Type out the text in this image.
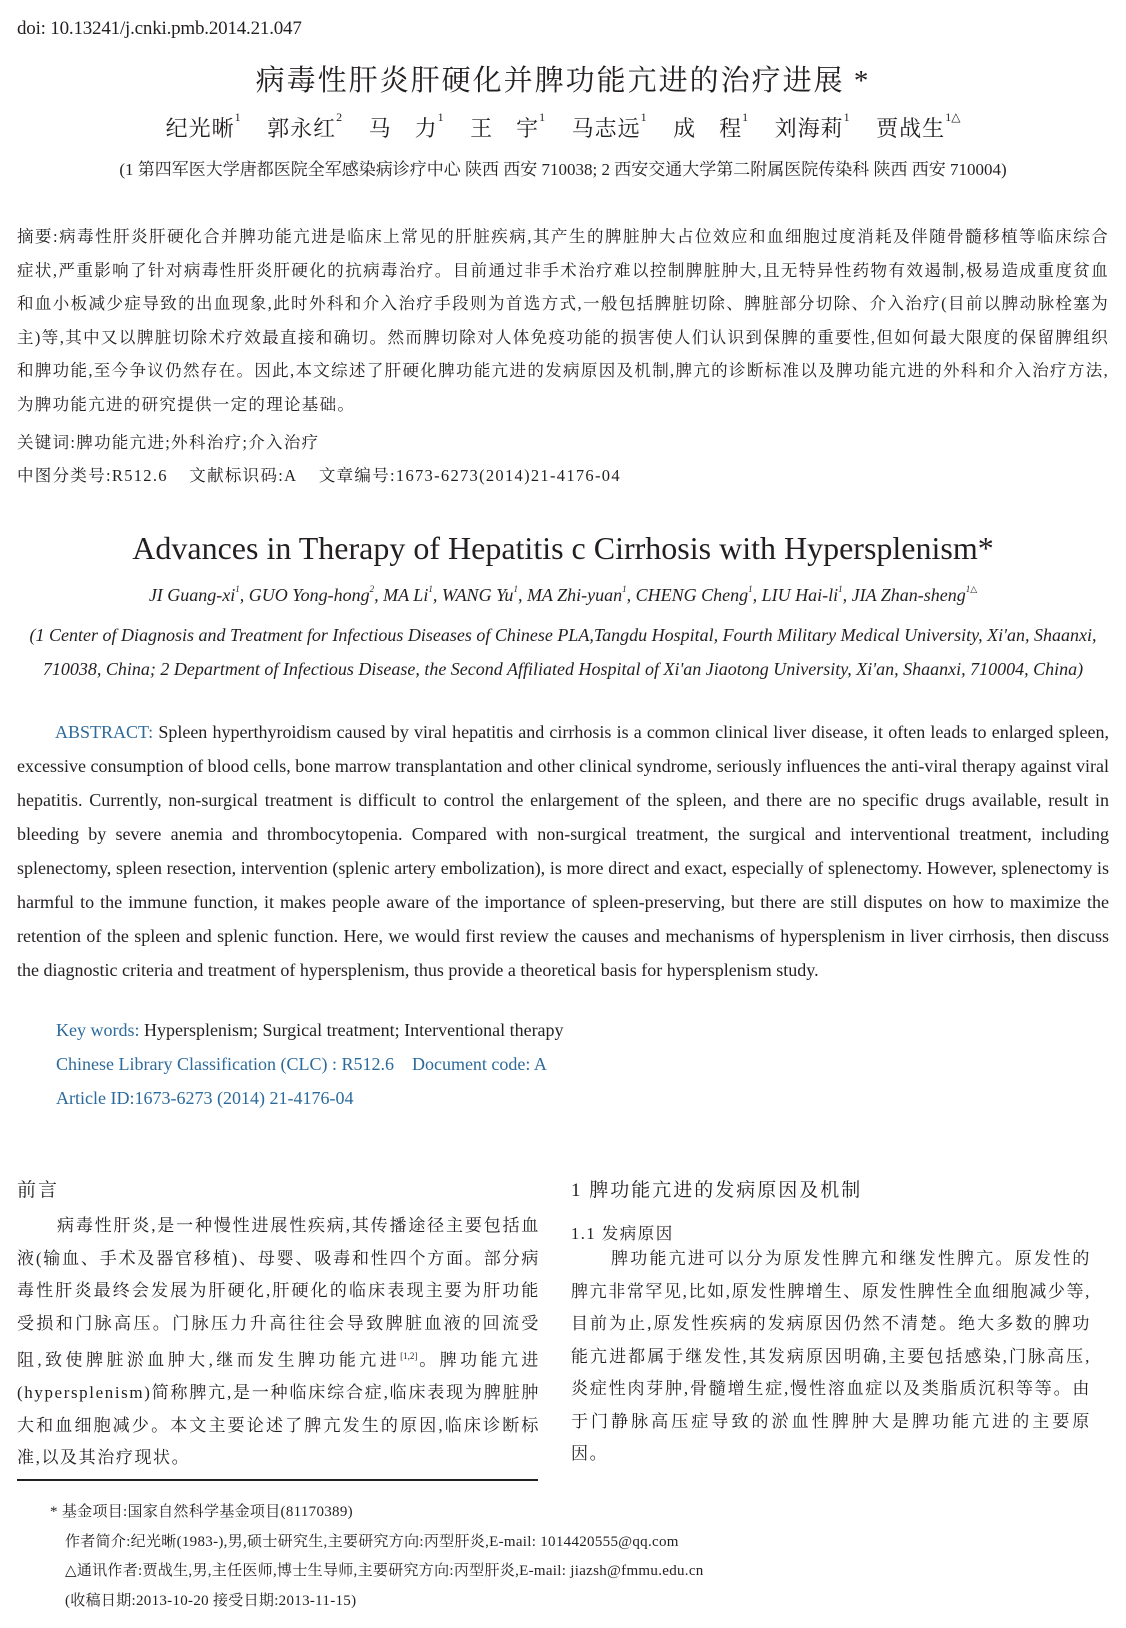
doi: 10.13241/j.cnki.pmb.2014.21.047
病毒性肝炎肝硬化并脾功能亢进的治疗进展 *
纪光晰$^1$ 郭永红$^2$ 马　力$^1$ 王　宇$^1$ 马志远$^1$ 成　程$^1$ 刘海莉$^1$ 贾战生$^{1\triangle}$
(1 第四军医大学唐都医院全军感染病诊疗中心 陕西 西安 710038; 2 西安交通大学第二附属医院传染科 陕西 西安 710004)
摘要:病毒性肝炎肝硬化合并脾功能亢进是临床上常见的肝脏疾病,其产生的脾脏肿大占位效应和血细胞过度消耗及伴随骨髓移植等临床综合症状,严重影响了针对病毒性肝炎肝硬化的抗病毒治疗。目前通过非手术治疗难以控制脾脏肿大,且无特异性药物有效遏制,极易造成重度贫血和血小板减少症导致的出血现象,此时外科和介入治疗手段则为首选方式,一般包括脾脏切除、脾脏部分切除、介入治疗(目前以脾动脉栓塞为主)等,其中又以脾脏切除术疗效最直接和确切。然而脾切除对人体免疫功能的损害使人们认识到保脾的重要性,但如何最大限度的保留脾组织和脾功能,至今争议仍然存在。因此,本文综述了肝硬化脾功能亢进的发病原因及机制,脾亢的诊断标准以及脾功能亢进的外科和介入治疗方法,为脾功能亢进的研究提供一定的理论基础。
关键词:脾功能亢进;外科治疗;介入治疗
中图分类号:R512.6 文献标识码:A 文章编号:1673-6273(2014)21-4176-04
Advances in Therapy of Hepatitis c Cirrhosis with Hypersplenism*
JI Guang-$xi^1$, GUO Yong-hong$^2$, MA Li$^1$, WANG Yu$^1$, MA Zhi-yuan$^1$, CHENG Cheng$^1$, LIU Hai-$li^1$, JIA Zhan-sheng$^{1\triangle}$
(1 Center of Diagnosis and Treatment for Infectious Diseases of Chinese PLA,Tangdu Hospital, Fourth Military Medical University, Xi'an, Shaanxi, 710038, China; 2 Department of Infectious Disease, the Second Affiliated Hospital of Xi'an Jiaotong University, Xi'an, Shaanxi, 710004, China)
ABSTRACT: Spleen hyperthyroidism caused by viral hepatitis and cirrhosis is a common clinical liver disease, it often leads to enlarged spleen, excessive consumption of blood cells, bone marrow transplantation and other clinical syndrome, seriously influences the anti-viral therapy against viral hepatitis. Currently, non-surgical treatment is difficult to control the enlargement of the spleen, and there are no specific drugs available, result in bleeding by severe anemia and thrombocytopenia. Compared with non-surgical treatment, the surgical and interventional treatment, including splenectomy, spleen resection, intervention (splenic artery embolization), is more direct and exact, especially of splenectomy. However, splenectomy is harmful to the immune function, it makes people aware of the importance of spleen-preserving, but there are still disputes on how to maximize the retention of the spleen and splenic function. Here, we would first review the causes and mechanisms of hypersplenism in liver cirrhosis, then discuss the diagnostic criteria and treatment of hypersplenism, thus provide a theoretical basis for hypersplenism study.
Key words: Hypersplenism; Surgical treatment; Interventional therapy
Chinese Library Classification (CLC) : R512.6 Document code: A
Article ID:1673-6273 (2014) 21-4176-04
前言
病毒性肝炎,是一种慢性进展性疾病,其传播途径主要包括血液(输血、手术及器官移植)、母婴、吸毒和性四个方面。部分病毒性肝炎最终会发展为肝硬化,肝硬化的临床表现主要为肝功能受损和门脉高压。门脉压力升高往往会导致脾脏血液的回流受阻,致使脾脏淤血肿大,继而发生脾功能亢进[1,2]。脾功能亢进(hypersplenism)简称脾亢,是一种临床综合症,临床表现为脾脏肿大和血细胞减少。本文主要论述了脾亢发生的原因,临床诊断标准,以及其治疗现状。
1 脾功能亢进的发病原因及机制
1.1 发病原因
脾功能亢进可以分为原发性脾亢和继发性脾亢。原发性的脾亢非常罕见,比如,原发性脾增生、原发性脾性全血细胞减少等,目前为止,原发性疾病的发病原因仍然不清楚。绝大多数的脾功能亢进都属于继发性,其发病原因明确,主要包括感染,门脉高压,炎症性肉芽肿,骨髓增生症,慢性溶血症以及类脂质沉积等等。由于门静脉高压症导致的淤血性脾肿大是脾功能亢进的主要原因。
* 基金项目:国家自然科学基金项目(81170389)
作者简介:纪光晰(1983-),男,硕士研究生,主要研究方向:丙型肝炎,E-mail: 1014420555@qq.com
△通讯作者:贾战生,男,主任医师,博士生导师,主要研究方向:丙型肝炎,E-mail: jiazsh@fmmu.edu.cn
(收稿日期:2013-10-20 接受日期:2013-11-15)
